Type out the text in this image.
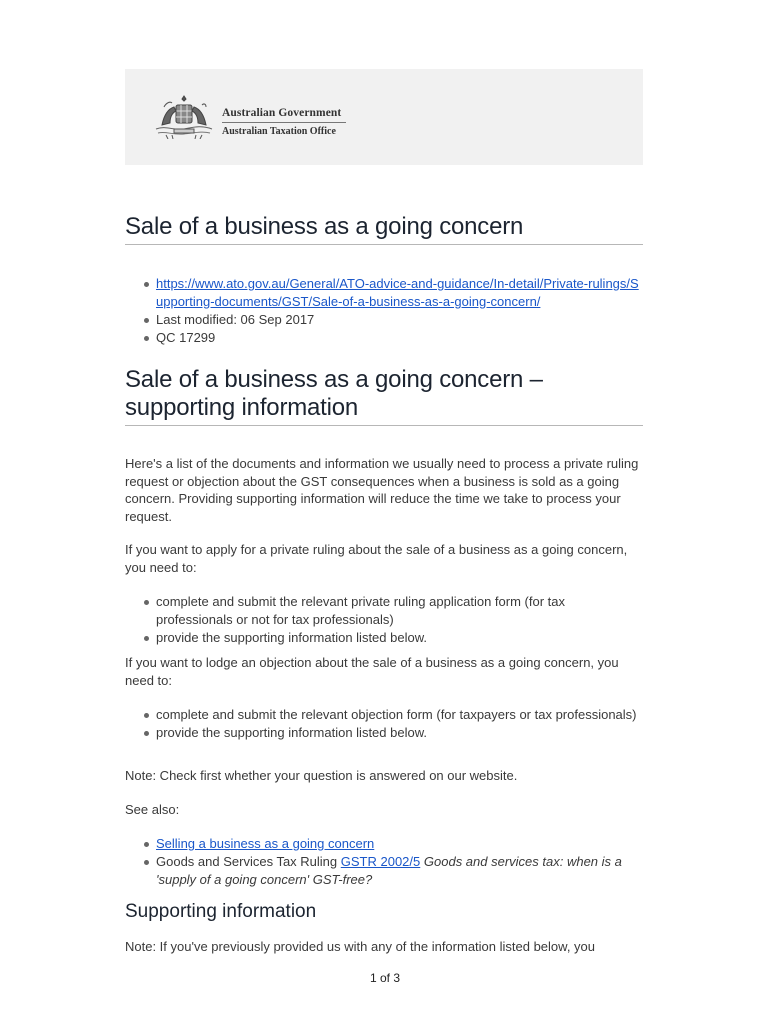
Australian Government
Australian Taxation Office
Sale of a business as a going concern
https://www.ato.gov.au/General/ATO-advice-and-guidance/In-detail/Private-rulings/Supporting-documents/GST/Sale-of-a-business-as-a-going-concern/
Last modified: 06 Sep 2017
QC 17299
Sale of a business as a going concern – supporting information

Here's a list of the documents and information we usually need to process a private ruling request or objection about the GST consequences when a business is sold as a going concern. Providing supporting information will reduce the time we take to process your request.

If you want to apply for a private ruling about the sale of a business as a going concern, you need to:

complete and submit the relevant private ruling application form (for tax professionals or not for tax professionals)
provide the supporting information listed below.

If you want to lodge an objection about the sale of a business as a going concern, you need to:

complete and submit the relevant objection form (for taxpayers or tax professionals)
provide the supporting information listed below.

Note: Check first whether your question is answered on our website.

See also:

Selling a business as a going concern
Goods and Services Tax Ruling GSTR 2002/5 Goods and services tax: when is a 'supply of a going concern' GST-free?
Supporting information

Note: If you've previously provided us with any of the information listed below, you

1 of 3
